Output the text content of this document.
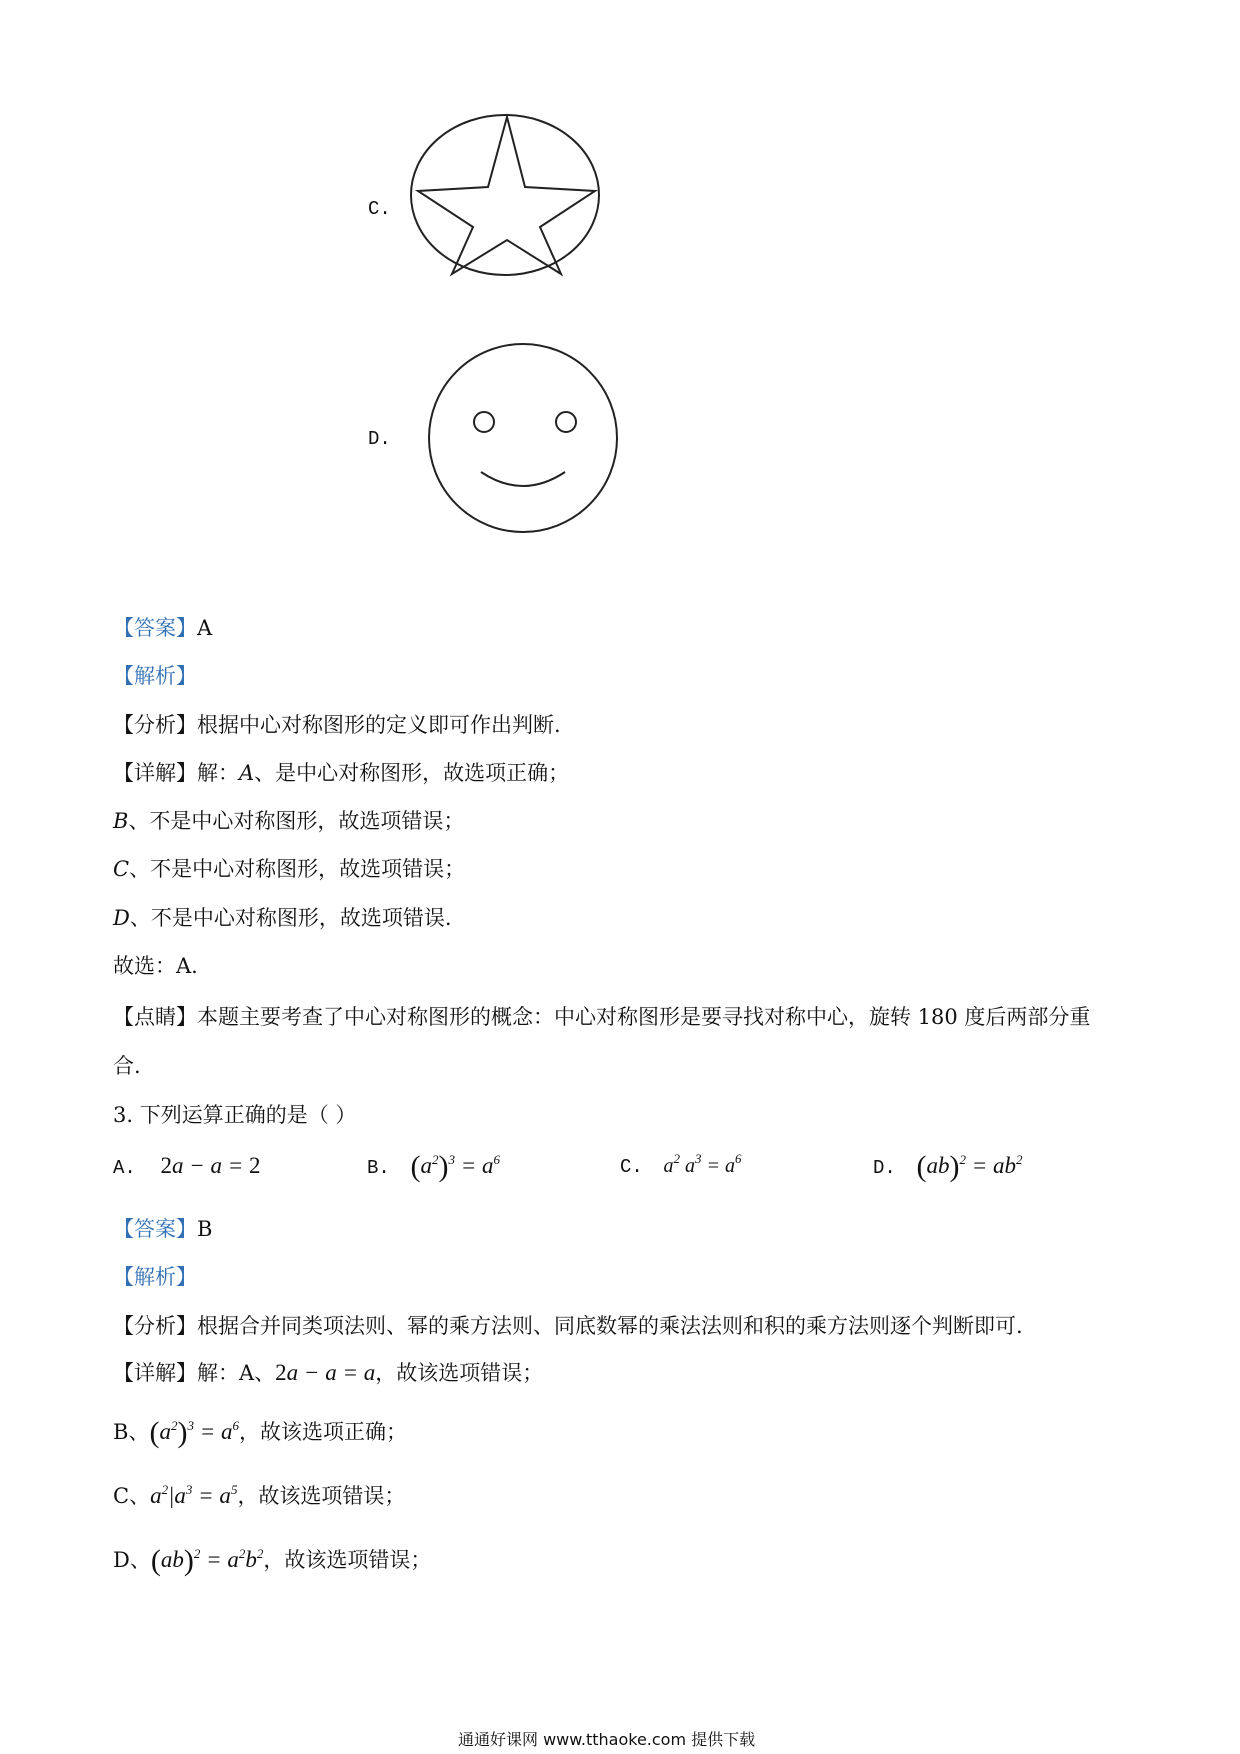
C.
D.
【答案】A
【解析】
【分析】根据中心对称图形的定义即可作出判断.
【详解】解：A、是中心对称图形，故选项正确；
B、不是中心对称图形，故选项错误；
C、不是中心对称图形，故选项错误；
D、不是中心对称图形，故选项错误.
故选：A.
【点睛】本题主要考查了中心对称图形的概念：中心对称图形是要寻找对称中心，旋转 180 度后两部分重
合.
3. 下列运算正确的是（ ）
A. 2a − a = 2	B. $(a^2)^3 = a^6$	C. $a^2$ $a^3 = a^6$	D. $(ab)^2 = ab^2$
【答案】B
【解析】
【分析】根据合并同类项法则、幂的乘方法则、同底数幂的乘法法则和积的乘方法则逐个判断即可.
【详解】解：A、2a − a = a，故该选项错误；
B、$(a^2)^3 = a^6$，故该选项正确；
C、$a^2|a^3 = a^5$，故该选项错误；
D、$(ab)^2 = a^2b^2$，故该选项错误；
通通好课网 www.tthaoke.com 提供下载
